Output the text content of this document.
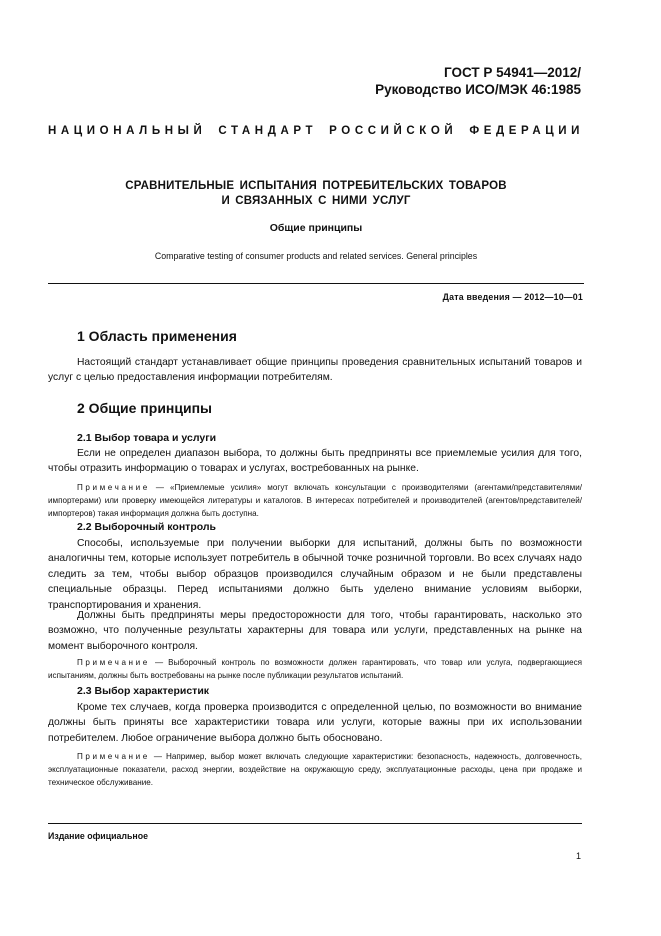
ГОСТ Р 54941—2012/
Руководство ИСО/МЭК 46:1985
НАЦИОНАЛЬНЫЙ СТАНДАРТ РОССИЙСКОЙ ФЕДЕРАЦИИ
СРАВНИТЕЛЬНЫЕ ИСПЫТАНИЯ ПОТРЕБИТЕЛЬСКИХ ТОВАРОВ
И СВЯЗАННЫХ С НИМИ УСЛУГ
Общие принципы
Comparative testing of consumer products and related services. General principles
Дата введения — 2012—10—01
1 Область применения
Настоящий стандарт устанавливает общие принципы проведения сравнительных испытаний товаров и услуг с целью предоставления информации потребителям.
2 Общие принципы
2.1 Выбор товара и услуги
Если не определен диапазон выбора, то должны быть предприняты все приемлемые усилия для того, чтобы отразить информацию о товарах и услугах, востребованных на рынке.
Примечание — «Приемлемые усилия» могут включать консультации с производителями (агентами/представителями/импортерами) или проверку имеющейся литературы и каталогов. В интересах потребителей и производителей (агентов/представителей/импортеров) такая информация должна быть доступна.
2.2 Выборочный контроль
Способы, используемые при получении выборки для испытаний, должны быть по возможности аналогичны тем, которые использует потребитель в обычной точке розничной торговли. Во всех случаях надо следить за тем, чтобы выбор образцов производился случайным образом и не были представлены специальные образцы. Перед испытаниями должно быть уделено внимание условиям выборки, транспортирования и хранения.
Должны быть предприняты меры предосторожности для того, чтобы гарантировать, насколько это возможно, что полученные результаты характерны для товара или услуги, представленных на рынке на момент выборочного контроля.
Примечание — Выборочный контроль по возможности должен гарантировать, что товар или услуга, подвергающиеся испытаниям, должны быть востребованы на рынке после публикации результатов испытаний.
2.3 Выбор характеристик
Кроме тех случаев, когда проверка производится с определенной целью, по возможности во внимание должны быть приняты все характеристики товара или услуги, которые важны при их использовании потребителем. Любое ограничение выбора должно быть обосновано.
Примечание — Например, выбор может включать следующие характеристики: безопасность, надежность, долговечность, эксплуатационные показатели, расход энергии, воздействие на окружающую среду, эксплуатационные расходы, цена при продаже и техническое обслуживание.
Издание официальное
1
